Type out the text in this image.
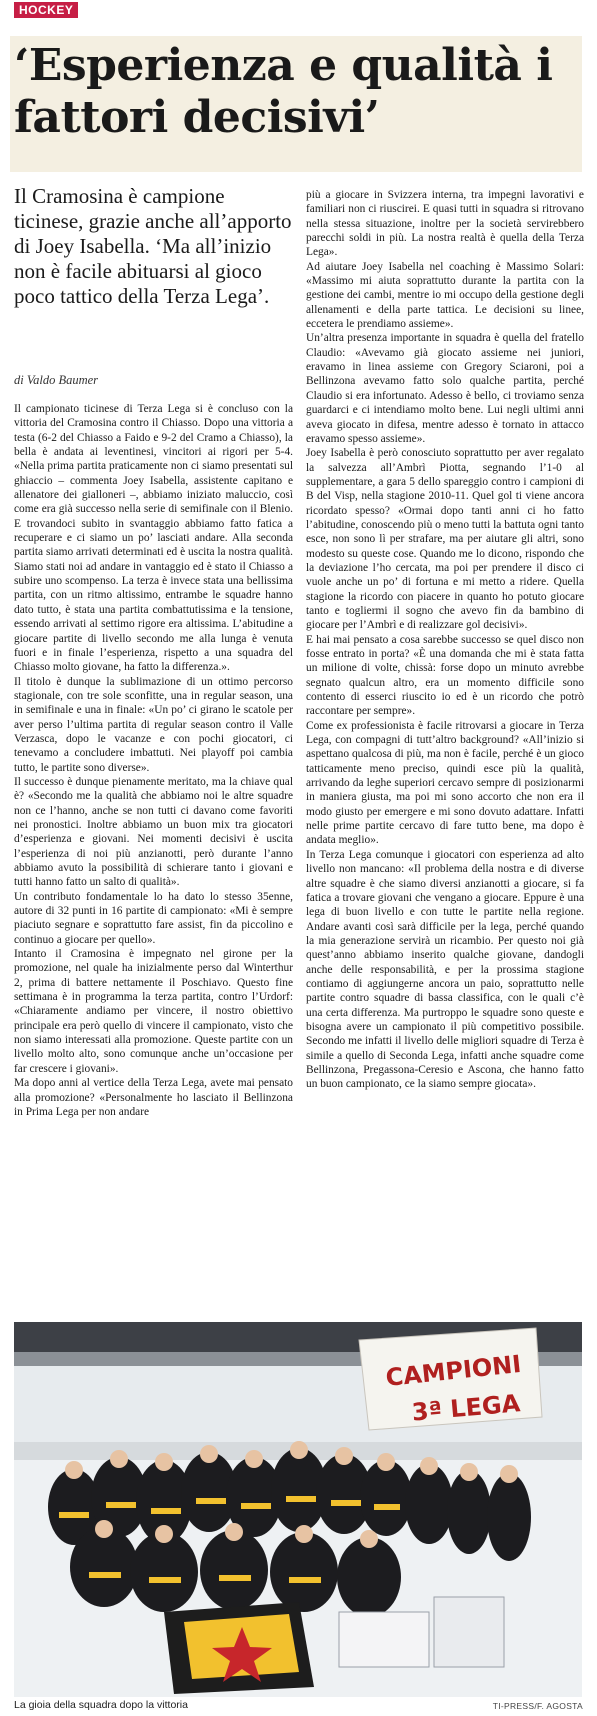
HOCKEY
‘Esperienza e qualità i fattori decisivi’

Il Cramosina è campione ticinese, grazie anche all’apporto di Joey Isabella. ‘Ma all’inizio non è facile abituarsi al gioco poco tattico della Terza Lega’.

di Valdo Baumer

Il campionato ticinese di Terza Lega si è concluso con la vittoria del Cramosina contro il Chiasso. Dopo una vittoria a testa (6-2 del Chiasso a Faido e 9-2 del Cramo a Chiasso), la bella è andata ai leventinesi, vincitori ai rigori per 5-4. «Nella prima partita praticamente non ci siamo presentati sul ghiaccio – commenta Joey Isabella, assistente capitano e allenatore dei gialloneri –, abbiamo iniziato maluccio, così come era già successo nella serie di semifinale con il Blenio. E trovandoci subito in svantaggio abbiamo fatto fatica a recuperare e ci siamo un po’ lasciati andare. Alla seconda partita siamo arrivati determinati ed è uscita la nostra qualità. Siamo stati noi ad andare in vantaggio ed è stato il Chiasso a subire uno scompenso. La terza è invece stata una bellissima partita, con un ritmo altissimo, entrambe le squadre hanno dato tutto, è stata una partita combattutissima e la tensione, essendo arrivati al settimo rigore era altissima. L’abitudine a giocare partite di livello secondo me alla lunga è venuta fuori e in finale l’esperienza, rispetto a una squadra del Chiasso molto giovane, ha fatto la differenza.».

Il titolo è dunque la sublimazione di un ottimo percorso stagionale, con tre sole sconfitte, una in regular season, una in semifinale e una in finale: «Un po’ ci girano le scatole per aver perso l’ultima partita di regular season contro il Valle Verzasca, dopo le vacanze e con pochi giocatori, ci tenevamo a concludere imbattuti. Nei playoff poi cambia tutto, le partite sono diverse».

Il successo è dunque pienamente meritato, ma la chiave qual è? «Secondo me la qualità che abbiamo noi le altre squadre non ce l’hanno, anche se non tutti ci davano come favoriti nei pronostici. Inoltre abbiamo un buon mix tra giocatori d’esperienza e giovani. Nei momenti decisivi è uscita l’esperienza di noi più anzianotti, però durante l’anno abbiamo avuto la possibilità di schierare tanto i giovani e tutti hanno fatto un salto di qualità».

Un contributo fondamentale lo ha dato lo stesso 35enne, autore di 32 punti in 16 partite di campionato: «Mi è sempre piaciuto segnare e soprattutto fare assist, fin da piccolino e continuo a giocare per quello».

Intanto il Cramosina è impegnato nel girone per la promozione, nel quale ha inizialmente perso dal Winterthur 2, prima di battere nettamente il Poschiavo. Questo fine settimana è in programma la terza partita, contro l’Urdorf: «Chiaramente andiamo per vincere, il nostro obiettivo principale era però quello di vincere il campionato, visto che non siamo interessati alla promozione. Queste partite con un livello molto alto, sono comunque anche un’occasione per far crescere i giovani».

Ma dopo anni al vertice della Terza Lega, avete mai pensato alla promozione? «Personalmente ho lasciato il Bellinzona in Prima Lega per non andare

più a giocare in Svizzera interna, tra impegni lavorativi e familiari non ci riuscirei. E quasi tutti in squadra si ritrovano nella stessa situazione, inoltre per la società servirebbero parecchi soldi in più. La nostra realtà è quella della Terza Lega».

Ad aiutare Joey Isabella nel coaching è Massimo Solari: «Massimo mi aiuta soprattutto durante la partita con la gestione dei cambi, mentre io mi occupo della gestione degli allenamenti e della parte tattica. Le decisioni su linee, eccetera le prendiamo assieme».

Un’altra presenza importante in squadra è quella del fratello Claudio: «Avevamo già giocato assieme nei juniori, eravamo in linea assieme con Gregory Sciaroni, poi a Bellinzona avevamo fatto solo qualche partita, perché Claudio si era infortunato. Adesso è bello, ci troviamo senza guardarci e ci intendiamo molto bene. Lui negli ultimi anni aveva giocato in difesa, mentre adesso è tornato in attacco eravamo spesso assieme».

Joey Isabella è però conosciuto soprattutto per aver regalato la salvezza all’Ambrì Piotta, segnando l’1-0 al supplementare, a gara 5 dello spareggio contro i campioni di B del Visp, nella stagione 2010-11. Quel gol ti viene ancora ricordato spesso? «Ormai dopo tanti anni ci ho fatto l’abitudine, conoscendo più o meno tutti la battuta ogni tanto esce, non sono lì per strafare, ma per aiutare gli altri, sono modesto su queste cose. Quando me lo dicono, rispondo che la deviazione l’ho cercata, ma poi per prendere il disco ci vuole anche un po’ di fortuna e mi metto a ridere. Quella stagione la ricordo con piacere in quanto ho potuto giocare tanto e togliermi il sogno che avevo fin da bambino di giocare per l’Ambrì e di realizzare gol decisivi».

E hai mai pensato a cosa sarebbe successo se quel disco non fosse entrato in porta? «È una domanda che mi è stata fatta un milione di volte, chissà: forse dopo un minuto avrebbe segnato qualcun altro, era un momento difficile sono contento di esserci riuscito io ed è un ricordo che potrò raccontare per sempre».

Come ex professionista è facile ritrovarsi a giocare in Terza Lega, con compagni di tutt’altro background? «All’inizio si aspettano qualcosa di più, ma non è facile, perché è un gioco tatticamente meno preciso, quindi esce più la qualità, arrivando da leghe superiori cercavo sempre di posizionarmi in maniera giusta, ma poi mi sono accorto che non era il modo giusto per emergere e mi sono dovuto adattare. Infatti nelle prime partite cercavo di fare tutto bene, ma dopo è andata meglio».

In Terza Lega comunque i giocatori con esperienza ad alto livello non mancano: «Il problema della nostra e di diverse altre squadre è che siamo diversi anzianotti a giocare, si fa fatica a trovare giovani che vengano a giocare. Eppure è una lega di buon livello e con tutte le partite nella regione. Andare avanti così sarà difficile per la lega, perché quando la mia generazione servirà un ricambio. Per questo noi già quest’anno abbiamo inserito qualche giovane, dandogli anche delle responsabilità, e per la prossima stagione contiamo di aggiungerne ancora un paio, soprattutto nelle partite contro squadre di bassa classifica, con le quali c’è una certa differenza. Ma purtroppo le squadre sono queste e bisogna avere un campionato il più competitivo possibile. Secondo me infatti il livello delle migliori squadre di Terza è simile a quello di Seconda Lega, infatti anche squadre come Bellinzona, Pregassona-Ceresio e Ascona, che hanno fatto un buon campionato, ce la siamo sempre giocata».

CAMPIONI
3ª LEGA
La gioia della squadra dopo la vittoria	TI-PRESS/F. AGOSTA
